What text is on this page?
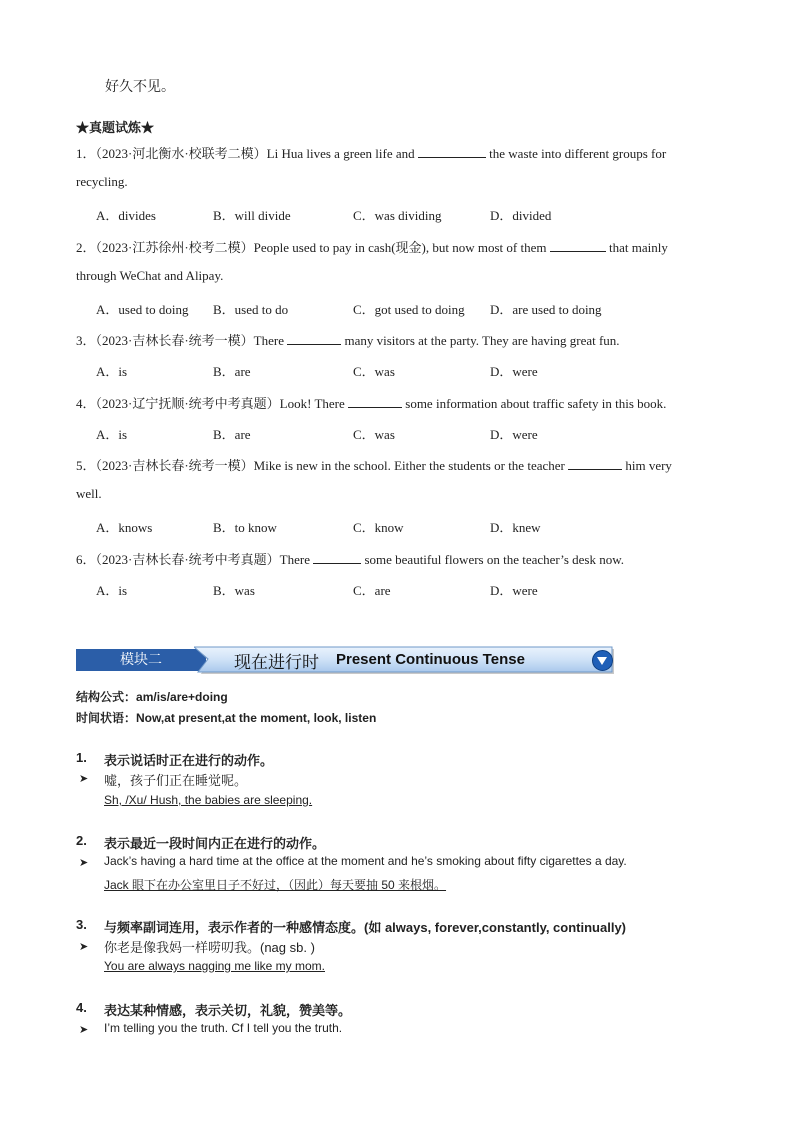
好久不见。
★真题试炼★
1．（2023·河北衡水·校联考二模）Li Hua lives a green life and	the waste into different groups for
recycling.
A．divides	B．will divide	C．was dividing	D．divided
2．（2023·江苏徐州·校考二模）People used to pay in cash(现金), but now most of them	that mainly
through WeChat and Alipay.
A．used to doing B．used to do	C．got used to doing D．are used to doing
3．（2023·吉林长春·统考一模）There	many visitors at the party. They are having great fun.
A．is	B．are	C．was	D．were
4．（2023·辽宁抚顺·统考中考真题）Look! There	some information about traffic safety in this book.
A．is	B．are	C．was	D．were
5．（2023·吉林长春·统考一模）Mike is new in the school. Either the students or the teacher	him very
well.
A．knows	B．to know	C．know	D．knew
6．（2023·吉林长春·统考中考真题）There	some beautiful flowers on the teacher’s desk now.
A．is	B．was	C．are	D．were
模块二	现在进行时 Present Continuous Tense
结构公式：am/is/are+doing
时间状语：Now,at present,at the moment, look, listen
1. 表示说话时正在进行的动作。
➤ 嘘，孩子们正在睡觉呢。
Sh, /Xu/ Hush, the babies are sleeping.
2. 表示最近一段时间内正在进行的动作。
➤ Jack’s having a hard time at the office at the moment and he’s smoking about fifty cigarettes a day.
Jack 眼下在办公室里日子不好过，（因此）每天要抽 50 来根烟。
3. 与频率副词连用，表示作者的一种感情态度。(如 always, forever,constantly, continually)
➤ 你老是像我妈一样唠叨我。(nag sb. )
You are always nagging me like my mom.
4. 表达某种情感，表示关切，礼貌，赞美等。
➤ I’m telling you the truth. Cf I tell you the truth.
